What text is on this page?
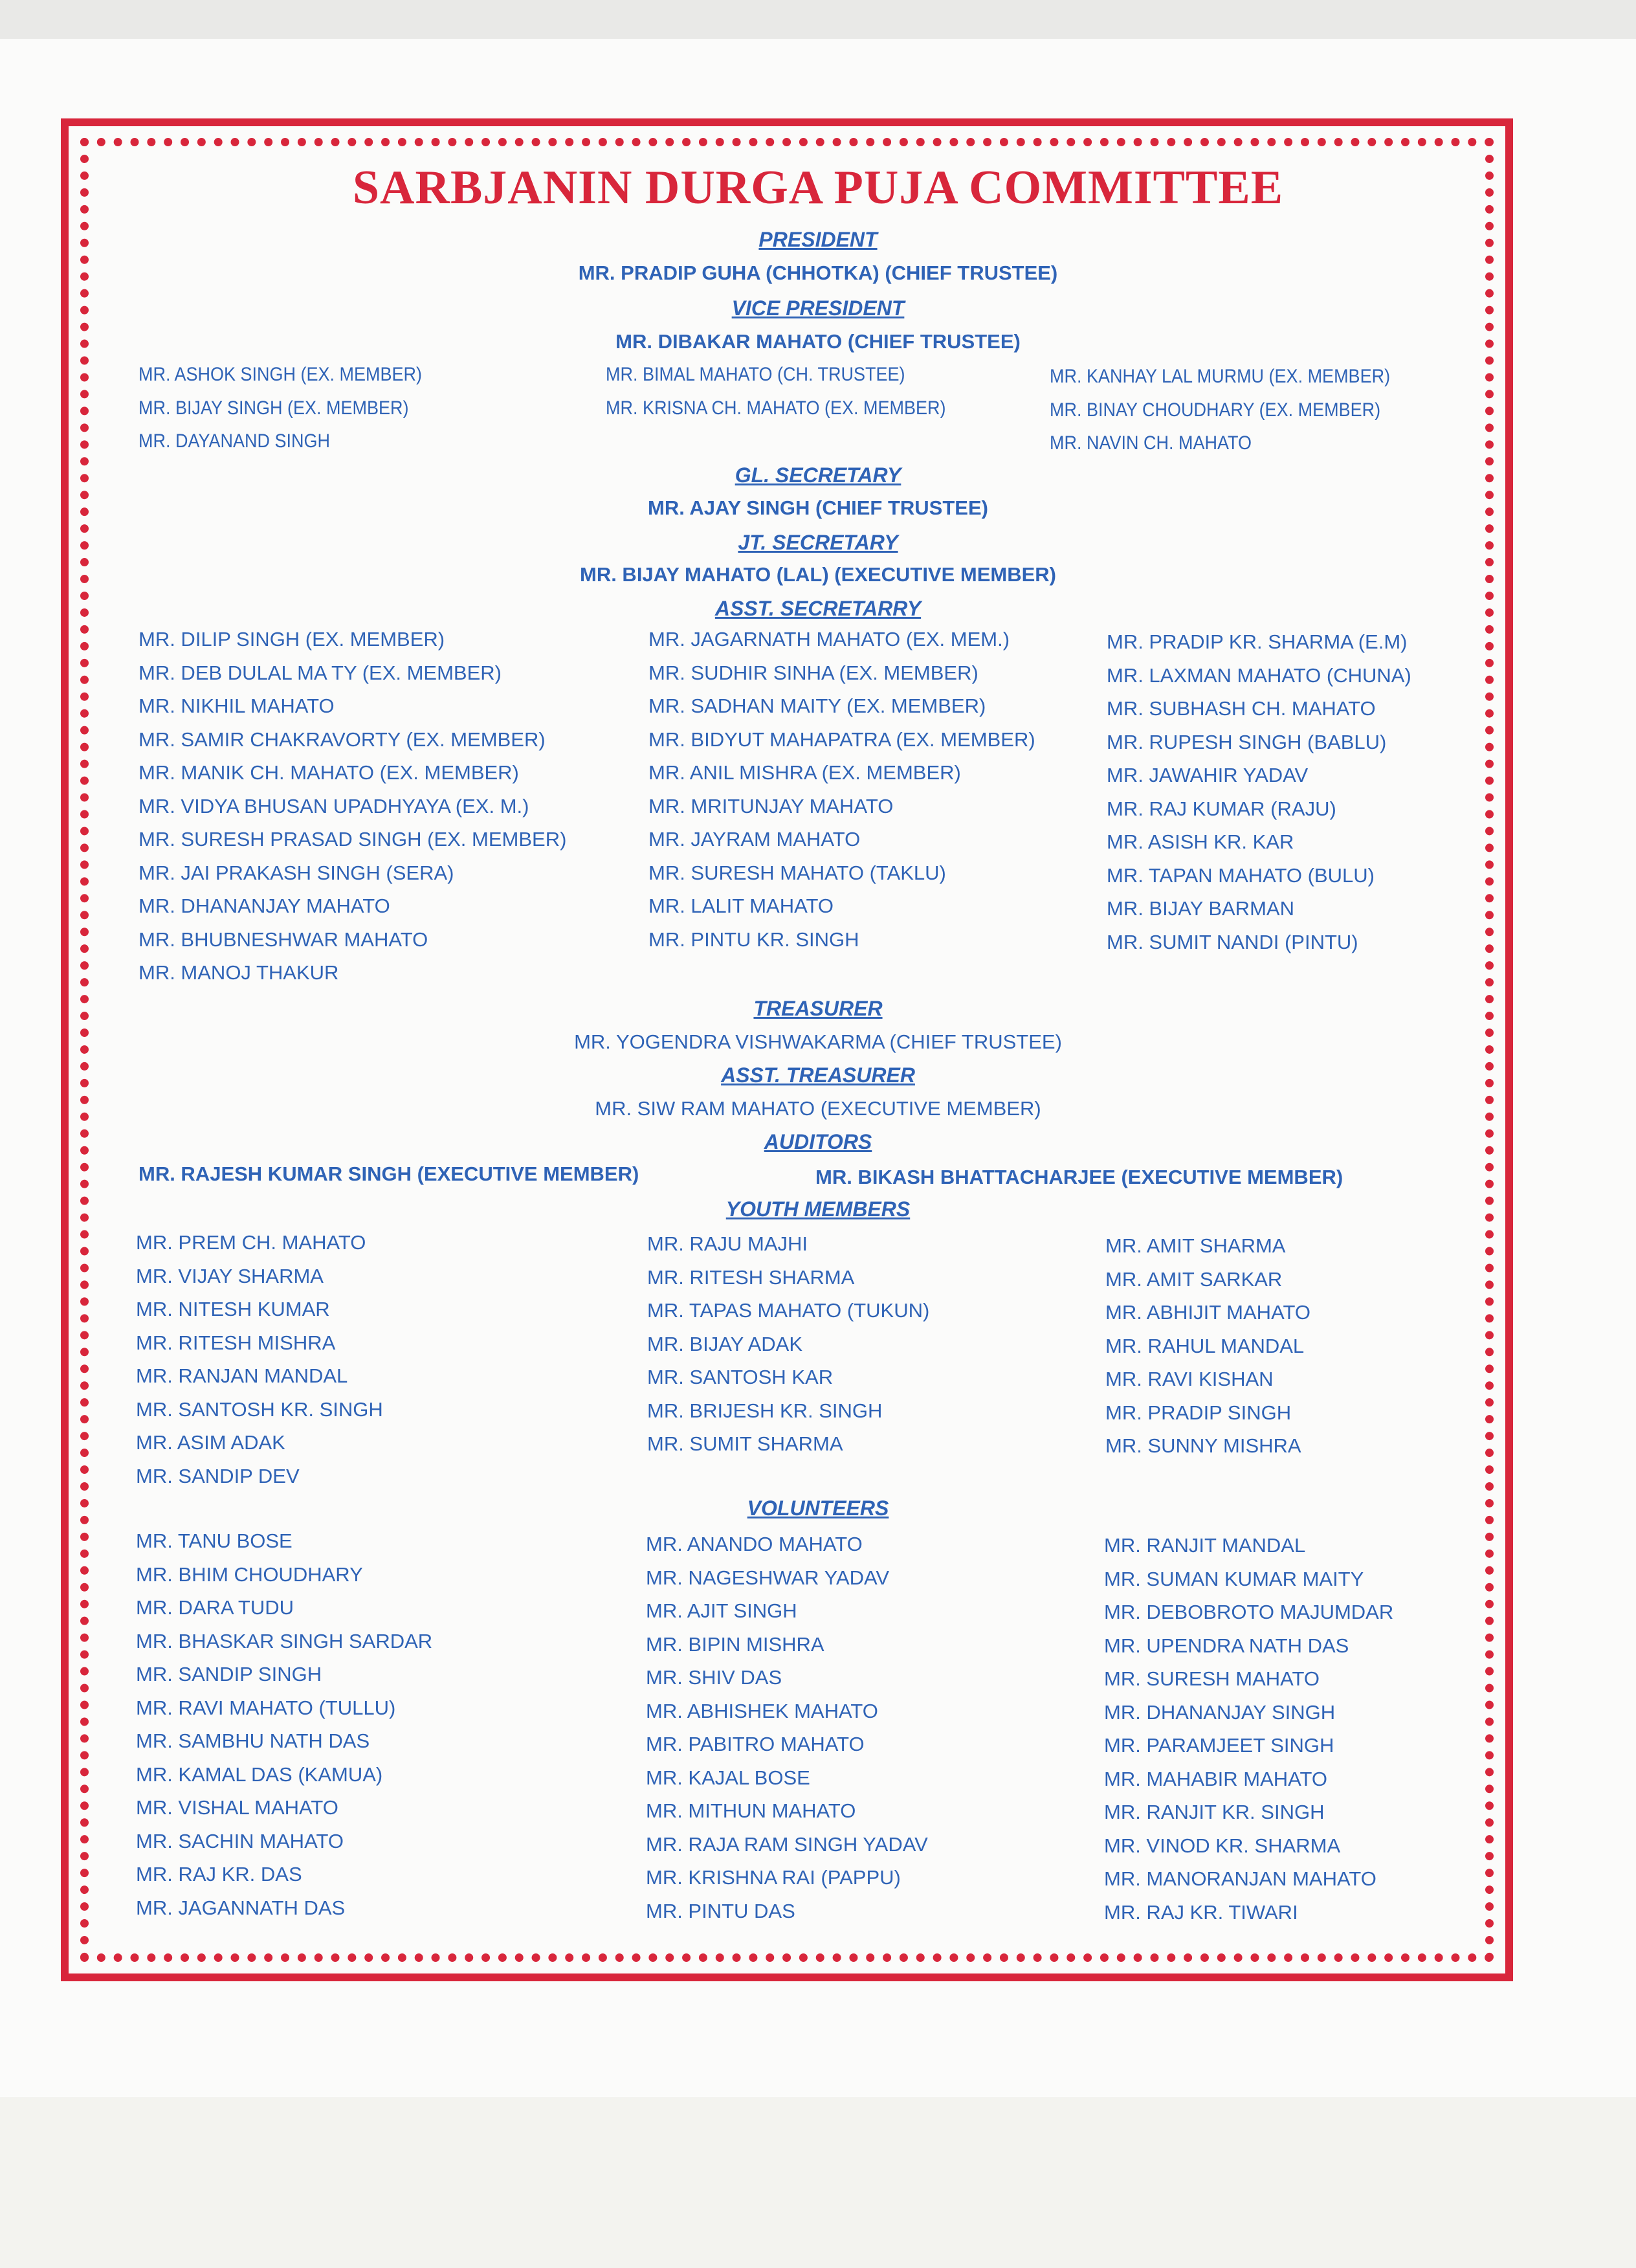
SARBJANIN DURGA PUJA COMMITTEE
PRESIDENT
MR. PRADIP GUHA (CHHOTKA) (CHIEF TRUSTEE)
VICE PRESIDENT
MR. DIBAKAR MAHATO (CHIEF TRUSTEE)
MR. ASHOK SINGH (EX. MEMBER)
MR. BIJAY SINGH (EX. MEMBER)
MR. DAYANAND SINGH
MR. BIMAL MAHATO (CH. TRUSTEE)
MR. KRISNA CH. MAHATO (EX. MEMBER)
MR. KANHAY LAL MURMU (EX. MEMBER)
MR. BINAY CHOUDHARY (EX. MEMBER)
MR. NAVIN CH. MAHATO
GL. SECRETARY
MR. AJAY SINGH (CHIEF TRUSTEE)
JT. SECRETARY
MR. BIJAY MAHATO (LAL) (EXECUTIVE MEMBER)
ASST. SECRETARRY
MR. DILIP SINGH (EX. MEMBER)
MR. DEB DULAL MA TY (EX. MEMBER)
MR. NIKHIL MAHATO
MR. SAMIR CHAKRAVORTY (EX. MEMBER)
MR. MANIK CH. MAHATO (EX. MEMBER)
MR. VIDYA BHUSAN UPADHYAYA (EX. M.)
MR. SURESH PRASAD SINGH (EX. MEMBER)
MR. JAI PRAKASH SINGH (SERA)
MR. DHANANJAY MAHATO
MR. BHUBNESHWAR MAHATO
MR. MANOJ THAKUR
MR. JAGARNATH MAHATO (EX. MEM.)
MR. SUDHIR SINHA (EX. MEMBER)
MR. SADHAN MAITY (EX. MEMBER)
MR. BIDYUT MAHAPATRA (EX. MEMBER)
MR. ANIL MISHRA (EX. MEMBER)
MR. MRITUNJAY MAHATO
MR. JAYRAM MAHATO
MR. SURESH MAHATO (TAKLU)
MR. LALIT MAHATO
MR. PINTU KR. SINGH
MR. PRADIP KR. SHARMA (E.M)
MR. LAXMAN MAHATO (CHUNA)
MR. SUBHASH CH. MAHATO
MR. RUPESH SINGH (BABLU)
MR. JAWAHIR YADAV
MR. RAJ KUMAR (RAJU)
MR. ASISH KR. KAR
MR. TAPAN MAHATO (BULU)
MR. BIJAY BARMAN
MR. SUMIT NANDI (PINTU)
TREASURER
MR. YOGENDRA VISHWAKARMA (CHIEF TRUSTEE)
ASST. TREASURER
MR. SIW RAM MAHATO (EXECUTIVE MEMBER)
AUDITORS
MR. RAJESH KUMAR SINGH (EXECUTIVE MEMBER)	MR. BIKASH BHATTACHARJEE (EXECUTIVE MEMBER)
YOUTH MEMBERS
MR. PREM CH. MAHATO
MR. VIJAY SHARMA
MR. NITESH KUMAR
MR. RITESH MISHRA
MR. RANJAN MANDAL
MR. SANTOSH KR. SINGH
MR. ASIM ADAK
MR. SANDIP DEV
MR. RAJU MAJHI
MR. RITESH SHARMA
MR. TAPAS MAHATO (TUKUN)
MR. BIJAY ADAK
MR. SANTOSH KAR
MR. BRIJESH KR. SINGH
MR. SUMIT SHARMA
MR. AMIT SHARMA
MR. AMIT SARKAR
MR. ABHIJIT MAHATO
MR. RAHUL MANDAL
MR. RAVI KISHAN
MR. PRADIP SINGH
MR. SUNNY MISHRA
VOLUNTEERS
MR. TANU BOSE
MR. BHIM CHOUDHARY
MR. DARA TUDU
MR. BHASKAR SINGH SARDAR
MR. SANDIP SINGH
MR. RAVI MAHATO (TULLU)
MR. SAMBHU NATH DAS
MR. KAMAL DAS (KAMUA)
MR. VISHAL MAHATO
MR. SACHIN MAHATO
MR. RAJ KR. DAS
MR. JAGANNATH DAS
MR. ANANDO MAHATO
MR. NAGESHWAR YADAV
MR. AJIT SINGH
MR. BIPIN MISHRA
MR. SHIV DAS
MR. ABHISHEK MAHATO
MR. PABITRO MAHATO
MR. KAJAL BOSE
MR. MITHUN MAHATO
MR. RAJA RAM SINGH YADAV
MR. KRISHNA RAI (PAPPU)
MR. PINTU DAS
MR. RANJIT MANDAL
MR. SUMAN KUMAR MAITY
MR. DEBOBROTO MAJUMDAR
MR. UPENDRA NATH DAS
MR. SURESH MAHATO
MR. DHANANJAY SINGH
MR. PARAMJEET SINGH
MR. MAHABIR MAHATO
MR. RANJIT KR. SINGH
MR. VINOD KR. SHARMA
MR. MANORANJAN MAHATO
MR. RAJ KR. TIWARI
